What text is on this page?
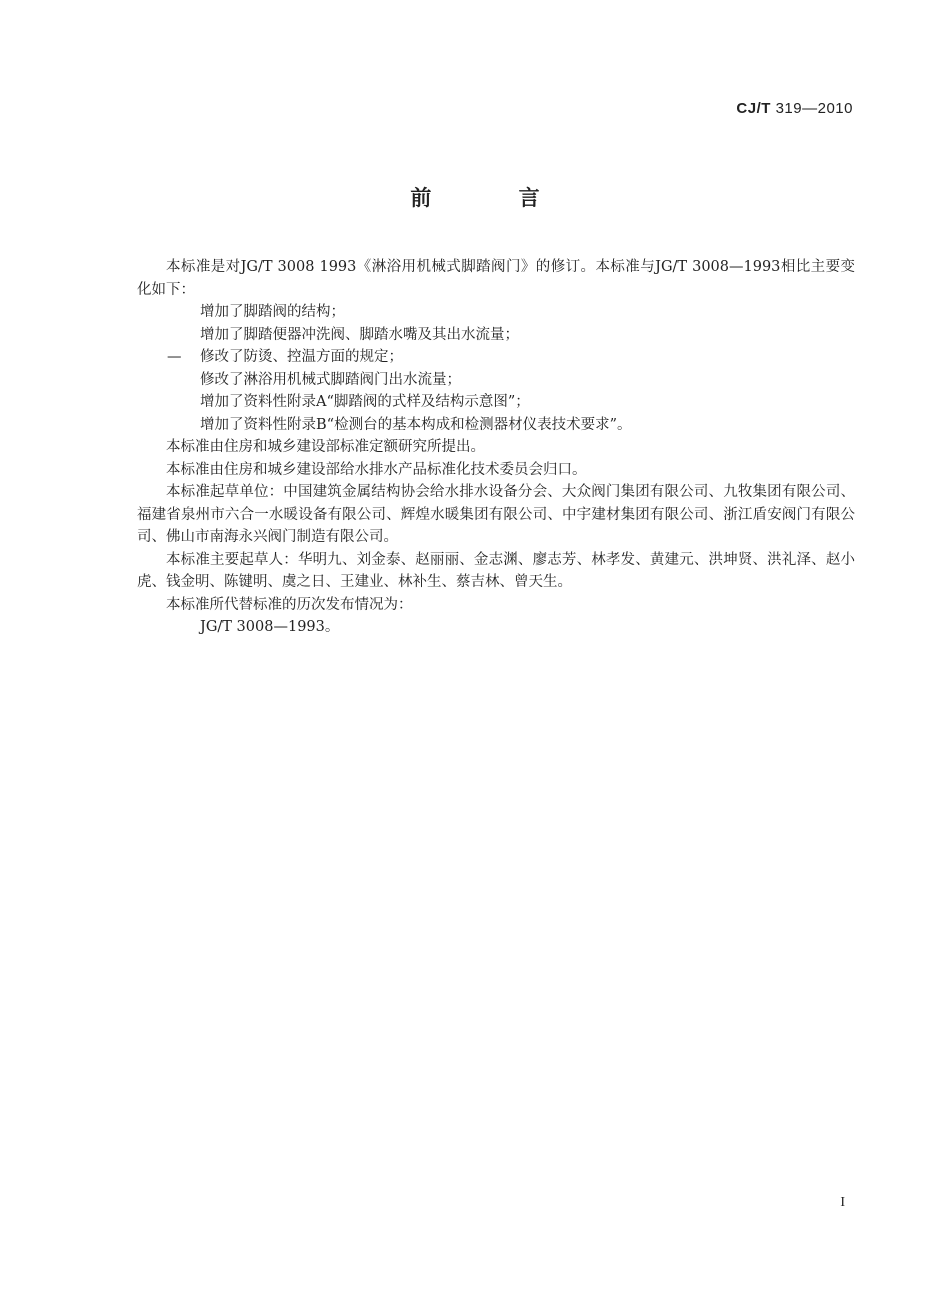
CJ/T 319—2010
前 言

本标准是对JG/T 3008 1993《淋浴用机械式脚踏阀门》的修订。本标准与JG/T 3008—1993相比主要变化如下：

增加了脚踏阀的结构；

增加了脚踏便器冲洗阀、脚踏水嘴及其出水流量；

— 修改了防烫、控温方面的规定；

修改了淋浴用机械式脚踏阀门出水流量；

增加了资料性附录A“脚踏阀的式样及结构示意图”；

增加了资料性附录B“检测台的基本构成和检测器材仪表技术要求”。

本标准由住房和城乡建设部标准定额研究所提出。

本标准由住房和城乡建设部给水排水产品标准化技术委员会归口。

本标准起草单位：中国建筑金属结构协会给水排水设备分会、大众阀门集团有限公司、九牧集团有限公司、福建省泉州市六合一水暖设备有限公司、辉煌水暖集团有限公司、中宇建材集团有限公司、浙江盾安阀门有限公司、佛山市南海永兴阀门制造有限公司。

本标准主要起草人：华明九、刘金泰、赵丽丽、金志渊、廖志芳、林孝发、黄建元、洪坤贤、洪礼泽、赵小虎、钱金明、陈键明、虞之日、王建业、林补生、蔡吉林、曾天生。

本标准所代替标准的历次发布情况为：

JG/T 3008—1993。

I
